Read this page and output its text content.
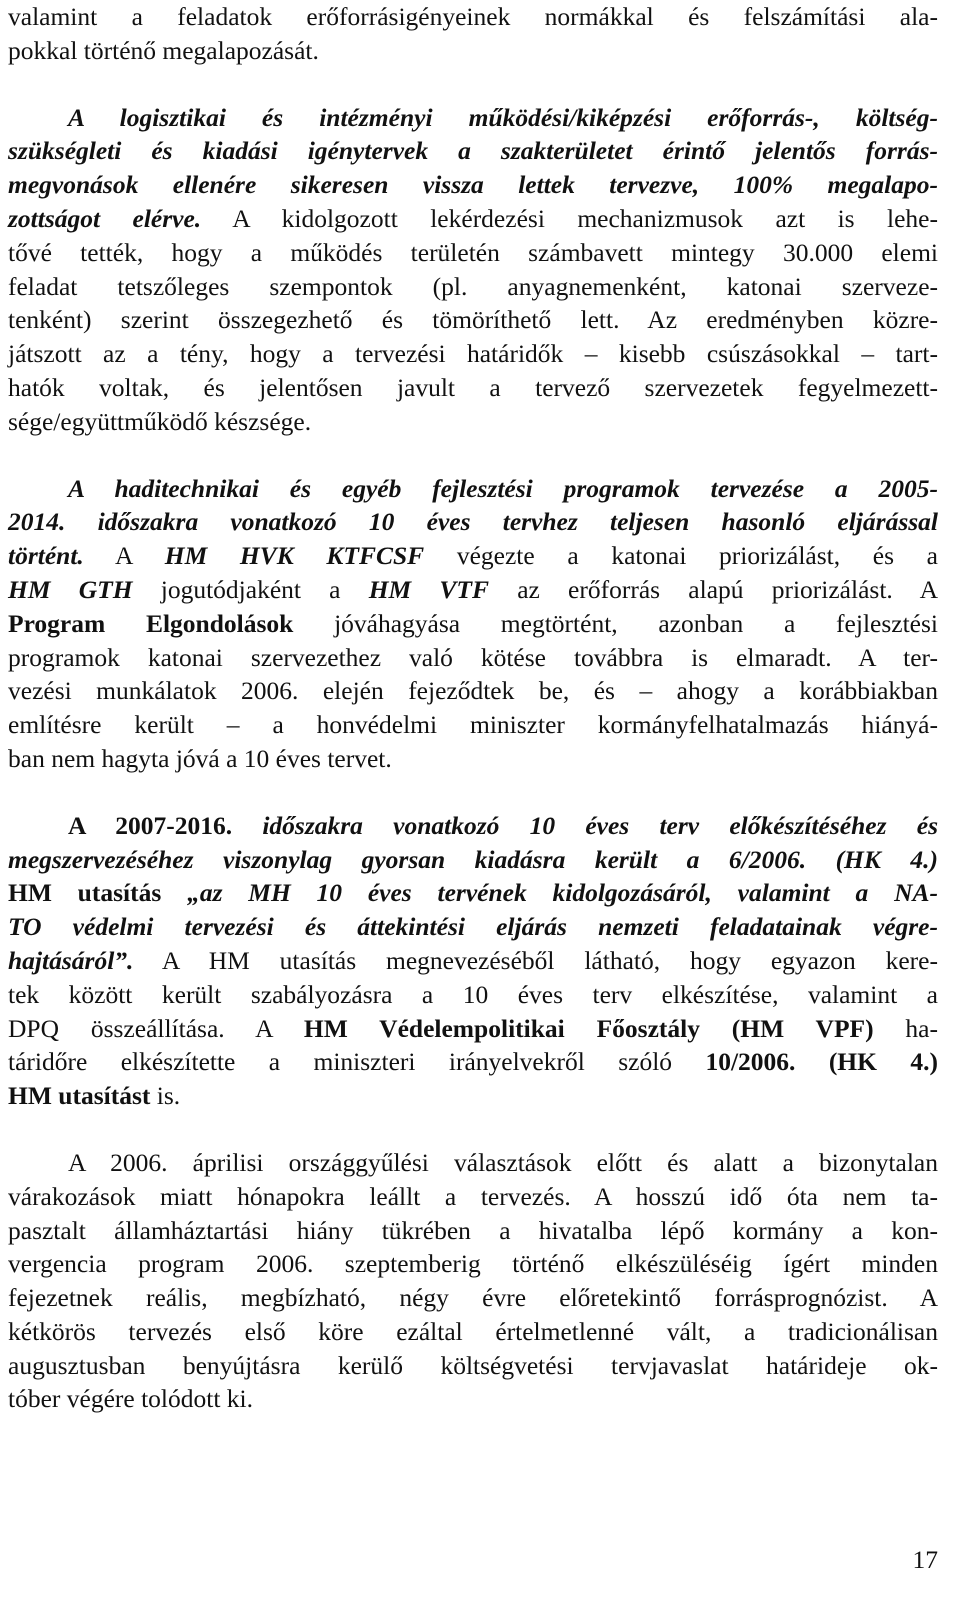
valamint a feladatok erőforrásigényeinek normákkal és felszámítási ala-
pokkal történő megalapozását.
A logisztikai és intézményi működési/kiképzési erőforrás-, költség-
szükségleti és kiadási igénytervek a szakterületet érintő jelentős forrás-
megvonások ellenére sikeresen vissza lettek tervezve, 100% megalapo-
zottságot elérve. A kidolgozott lekérdezési mechanizmusok azt is lehe-
tővé tették, hogy a működés területén számbavett mintegy 30.000 elemi
feladat tetszőleges szempontok (pl. anyagnemenként, katonai szerveze-
tenként) szerint összegezhető és tömöríthető lett. Az eredményben közre-
játszott az a tény, hogy a tervezési határidők – kisebb csúszásokkal – tart-
hatók voltak, és jelentősen javult a tervező szervezetek fegyelmezett-
sége/együttműködő készsége.
A haditechnikai és egyéb fejlesztési programok tervezése a 2005-
2014. időszakra vonatkozó 10 éves tervhez teljesen hasonló eljárással
történt. A HM HVK KTFCSF végezte a katonai priorizálást, és a
HM GTH jogutódjaként a HM VTF az erőforrás alapú priorizálást. A
Program Elgondolások jóváhagyása megtörtént, azonban a fejlesztési
programok katonai szervezethez való kötése továbbra is elmaradt. A ter-
vezési munkálatok 2006. elején fejeződtek be, és – ahogy a korábbiakban
említésre került – a honvédelmi miniszter kormányfelhatalmazás hiányá-
ban nem hagyta jóvá a 10 éves tervet.
A 2007-2016. időszakra vonatkozó 10 éves terv előkészítéséhez és
megszervezéséhez viszonylag gyorsan kiadásra került a 6/2006. (HK 4.)
HM utasítás „az MH 10 éves tervének kidolgozásáról, valamint a NA-
TO védelmi tervezési és áttekintési eljárás nemzeti feladatainak végre-
hajtásáról”. A HM utasítás megnevezéséből látható, hogy egyazon kere-
tek között került szabályozásra a 10 éves terv elkészítése, valamint a
DPQ összeállítása. A HM Védelempolitikai Főosztály (HM VPF) ha-
táridőre elkészítette a miniszteri irányelvekről szóló 10/2006. (HK 4.)
HM utasítást is.
A 2006. áprilisi országgyűlési választások előtt és alatt a bizonytalan
várakozások miatt hónapokra leállt a tervezés. A hosszú idő óta nem ta-
pasztalt államháztartási hiány tükrében a hivatalba lépő kormány a kon-
vergencia program 2006. szeptemberig történő elkészüléséig ígért minden
fejezetnek reális, megbízható, négy évre előretekintő forrásprognózist. A
kétkörös tervezés első köre ezáltal értelmetlenné vált, a tradicionálisan
augusztusban benyújtásra kerülő költségvetési tervjavaslat határideje ok-
tóber végére tolódott ki.
17
